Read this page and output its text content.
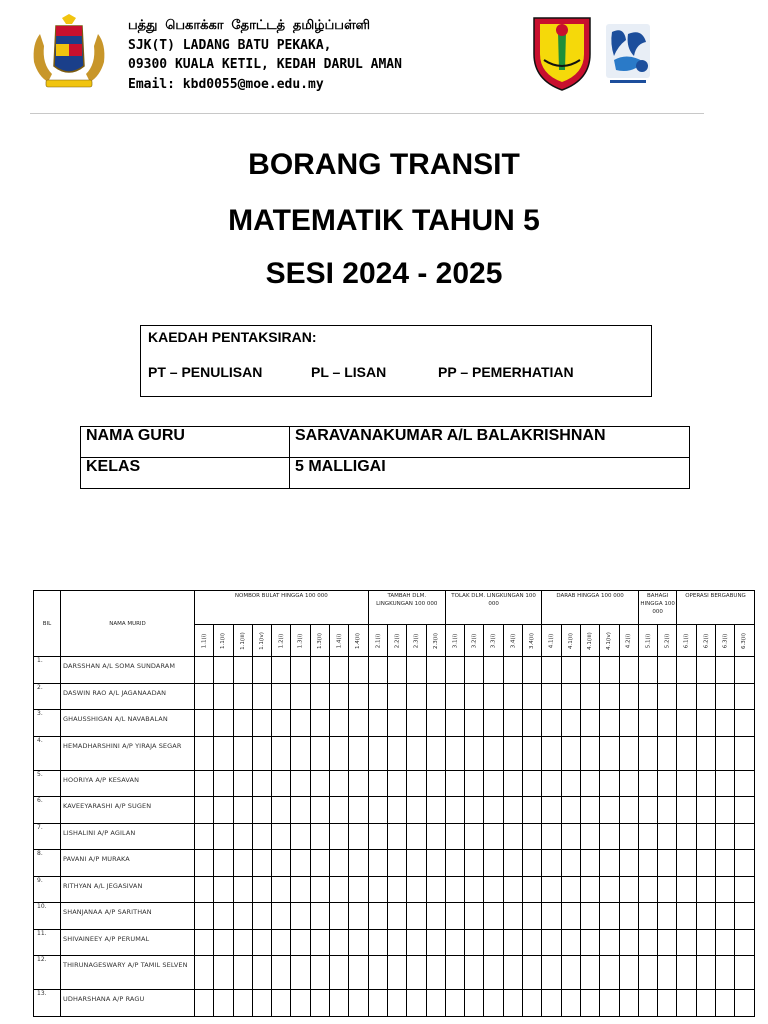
பத்து பெகாக்கா தோட்டத் தமிழ்ப்பள்ளி
SJK(T) LADANG BATU PEKAKA,
09300 KUALA KETIL, KEDAH DARUL AMAN
Email: kbd0055@moe.edu.my
BORANG TRANSIT
MATEMATIK TAHUN 5
SESI 2024 - 2025
KAEDAH PENTAKSIRAN:
PT – PENULISAN	PL – LISAN	PP – PEMERHATIAN
NAMA GURU	SARAVANAKUMAR A/L BALAKRISHNAN
KELAS	5 MALLIGAI
BIL	NAMA MURID	NOMBOR BULAT HINGGA 100 000									TAMBAH DLM. LINGKUNGAN 100 000				TOLAK DLM. LINGKUNGAN 100 000					DARAB HINGGA 100 000					BAHAGI HINGGA 100 000		OPERASI BERGABUNG			
		1.1(i)	1.1(ii)	1.1(iii)	1.1(iv)	1.2(i)	1.3(i)	1.3(ii)	1.4(i)	1.4(ii)	2.1(i)	2.2(i)	2.3(i)	2.3(ii)	3.1(i)	3.2(i)	3.3(i)	3.4(i)	3.4(ii)	4.1(i)	4.1(ii)	4.1(iii)	4.1(iv)	4.2(i)	5.1(i)	5.2(i)	6.1(i)	6.2(i)	6.3(i)	6.3(ii)
1.	DARSSHAN A/L SOMA SUNDARAM																													
2.	DASWIN RAO A/L JAGANAADAN																													
3.	GHAUSSHIGAN A/L NAVABALAN																													
4.	HEMADHARSHINI A/P YIRAJA SEGAR																													
5.	HOORIYA A/P KESAVAN																													
6.	KAVEEYARASHI A/P SUGEN																													
7.	LISHALINI A/P AGILAN																													
8.	PAVANI A/P MURAKA																													
9.	RITHYAN A/L JEGASIVAN																													
10.	SHANJANAA A/P SARITHAN																													
11.	SHIVAINEEY A/P PERUMAL																													
12.	THIRUNAGESWARY A/P TAMIL SELVEN																													
13.	UDHARSHANA A/P RAGU																													
